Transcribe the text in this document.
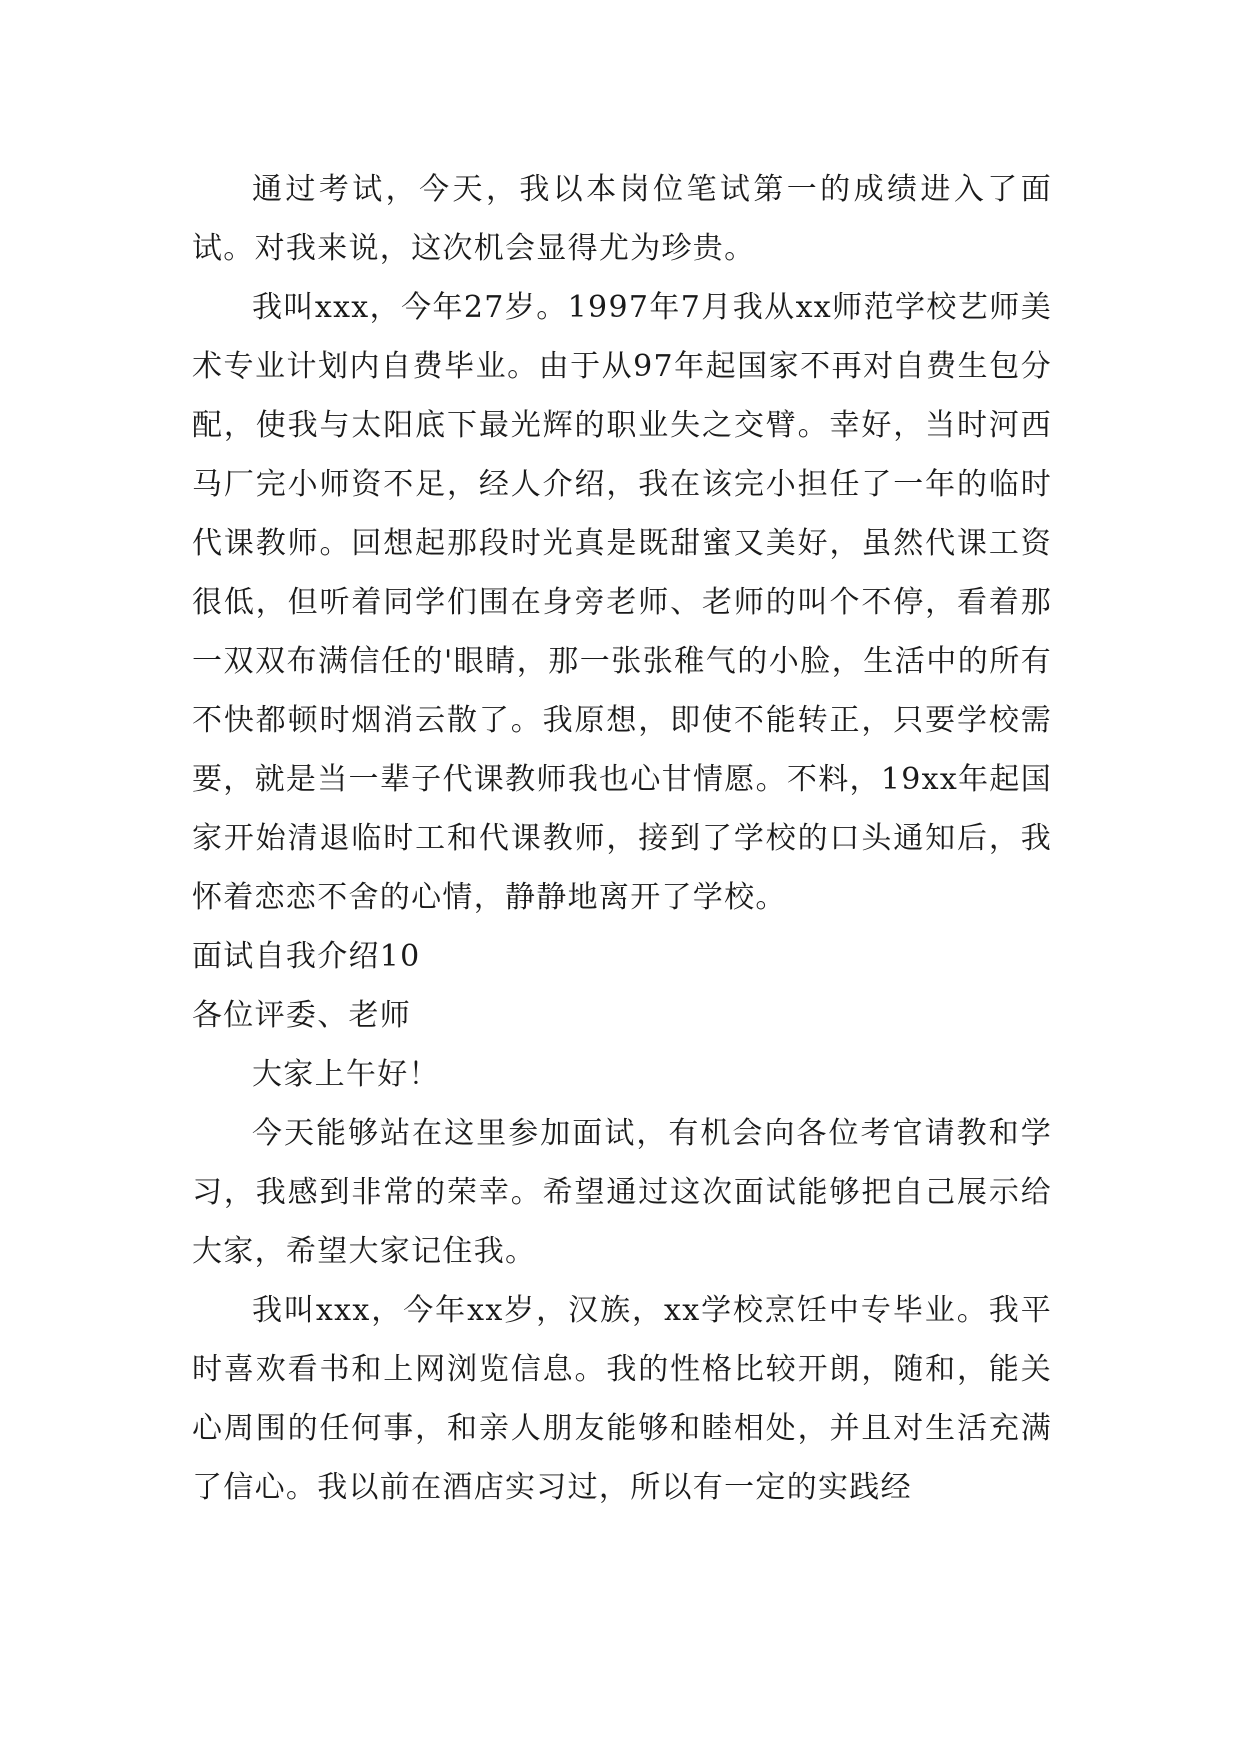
通过考试，今天，我以本岗位笔试第一的成绩进入了面试。对我来说，这次机会显得尤为珍贵。

我叫xxx，今年27岁。1997年7月我从xx师范学校艺师美术专业计划内自费毕业。由于从97年起国家不再对自费生包分配，使我与太阳底下最光辉的职业失之交臂。幸好，当时河西马厂完小师资不足，经人介绍，我在该完小担任了一年的临时代课教师。回想起那段时光真是既甜蜜又美好，虽然代课工资很低，但听着同学们围在身旁老师、老师的叫个不停，看着那一双双布满信任的'眼睛，那一张张稚气的小脸，生活中的所有不快都顿时烟消云散了。我原想，即使不能转正，只要学校需要，就是当一辈子代课教师我也心甘情愿。不料，19xx年起国家开始清退临时工和代课教师，接到了学校的口头通知后，我怀着恋恋不舍的心情，静静地离开了学校。

面试自我介绍10

各位评委、老师

大家上午好！

今天能够站在这里参加面试，有机会向各位考官请教和学习，我感到非常的荣幸。希望通过这次面试能够把自己展示给大家，希望大家记住我。

我叫xxx，今年xx岁，汉族，xx学校烹饪中专毕业。我平时喜欢看书和上网浏览信息。我的性格比较开朗，随和，能关心周围的任何事，和亲人朋友能够和睦相处，并且对生活充满了信心。我以前在酒店实习过，所以有一定的实践经
